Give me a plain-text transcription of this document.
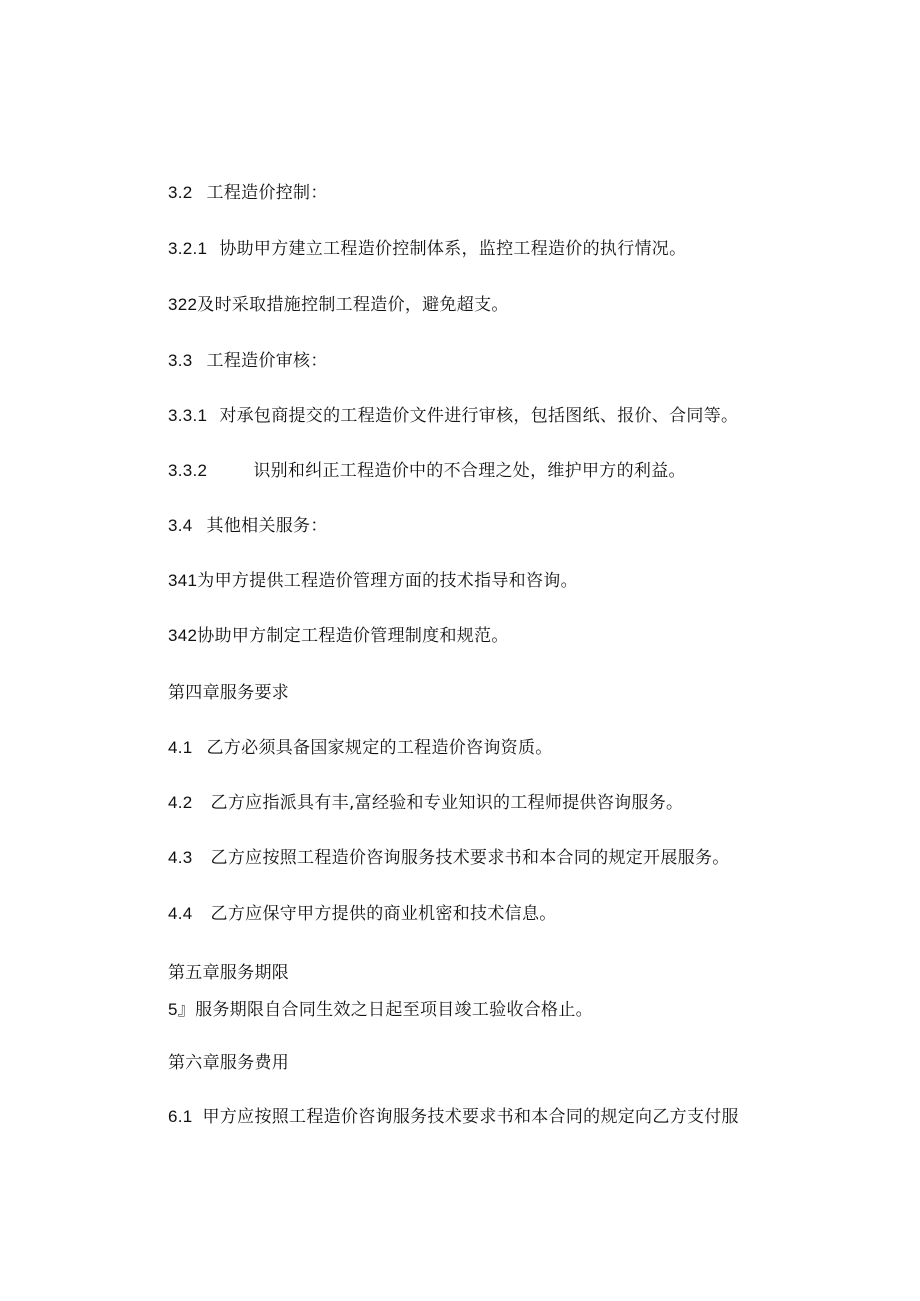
3.2 工程造价控制：
3.2.1 协助甲方建立工程造价控制体系，监控工程造价的执行情况。
322及时采取措施控制工程造价，避免超支。
3.3 工程造价审核：
3.3.1 对承包商提交的工程造价文件进行审核，包括图纸、报价、合同等。
3.3.2	识别和纠正工程造价中的不合理之处，维护甲方的利益。
3.4 其他相关服务：
341为甲方提供工程造价管理方面的技术指导和咨询。
342协助甲方制定工程造价管理制度和规范。
第四章服务要求
4.1 乙方必须具备国家规定的工程造价咨询资质。
4.2 乙方应指派具有丰,富经验和专业知识的工程师提供咨询服务。
4.3 乙方应按照工程造价咨询服务技术要求书和本合同的规定开展服务。
4.4 乙方应保守甲方提供的商业机密和技术信息。
第五章服务期限
5』服务期限自合同生效之日起至项目竣工验收合格止。
第六章服务费用
6.1 甲方应按照工程造价咨询服务技术要求书和本合同的规定向乙方支付服
